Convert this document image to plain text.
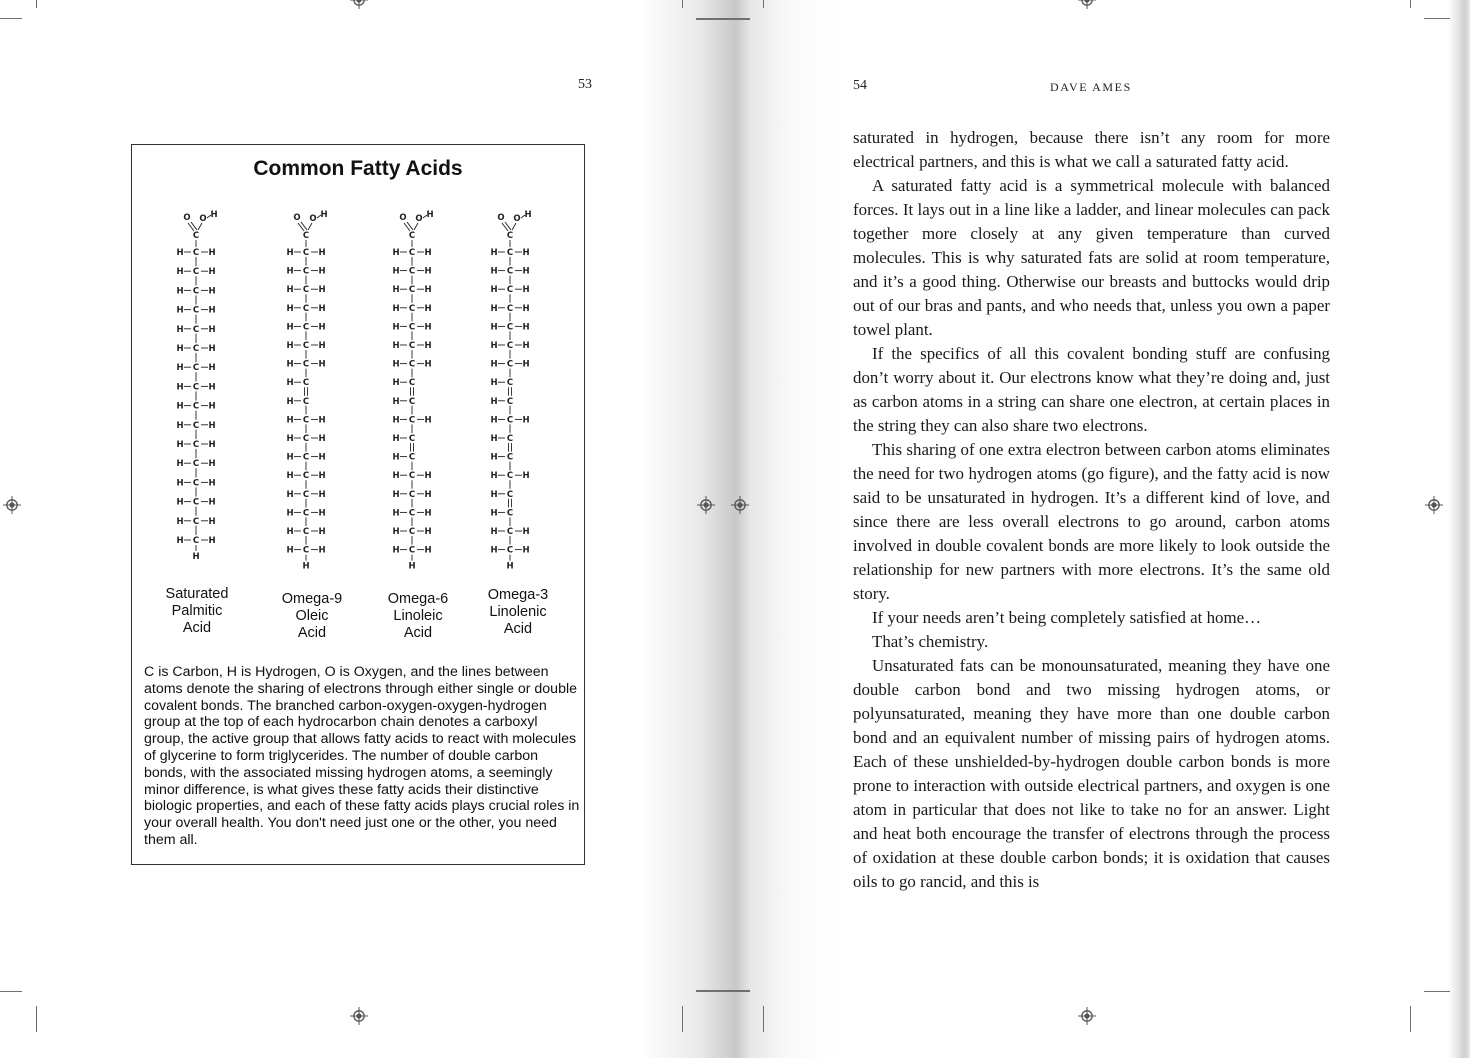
53
Common Fatty Acids
O O H
C
H C H
H C H
H C H
H C H
H C H
H C H
H C H
H C H
H C H
H C H
H C H
H C H
H C H
H C H
H C H
H C H
H
O O H
C
H C H
H C H
H C H
H C H
H C H
H C H
H C H
H C
H C
H C H
H C H
H C H
H C H
H C H
H C H
H C H
H C H
H
O O H
C
H C H
H C H
H C H
H C H
H C H
H C H
H C H
H C
H C
H C H
H C
H C
H C H
H C H
H C H
H C H
H C H
H
O O H
C
H C H
H C H
H C H
H C H
H C H
H C H
H C H
H C
H C
H C H
H C
H C
H C H
H C
H C
H C H
H C H
H
Saturated
Palmitic
Acid
Omega-9
Oleic
Acid
Omega-6
Linoleic
Acid
Omega-3
Linolenic
Acid
C is Carbon, H is Hydrogen, O is Oxygen, and the lines between atoms denote the sharing of electrons through either single or double covalent bonds. The branched carbon-oxygen-oxygen-hydrogen group at the top of each hydrocarbon chain denotes a carboxyl group, the active group that allows fatty acids to react with molecules of glycerine to form triglycerides. The number of double carbon bonds, with the associated missing hydrogen atoms, a seemingly minor difference, is what gives these fatty acids their distinctive biologic properties, and each of these fatty acids plays crucial roles in your overall health. You don't need just one or the other, you need them all.
54	DAVE AMES

saturated in hydrogen, because there isn’t any room for more electrical partners, and this is what we call a saturated fatty acid.

A saturated fatty acid is a symmetrical molecule with balanced forces. It lays out in a line like a ladder, and linear molecules can pack together more closely at any given temperature than curved molecules. This is why saturated fats are solid at room temperature, and it’s a good thing. Otherwise our breasts and buttocks would drip out of our bras and pants, and who needs that, unless you own a paper towel plant.

If the specifics of all this covalent bonding stuff are confusing don’t worry about it. Our electrons know what they’re doing and, just as carbon atoms in a string can share one electron, at certain places in the string they can also share two electrons.

This sharing of one extra electron between carbon atoms eliminates the need for two hydrogen atoms (go figure), and the fatty acid is now said to be unsaturated in hydrogen. It’s a different kind of love, and since there are less overall electrons to go around, carbon atoms involved in double covalent bonds are more likely to look outside the relationship for new partners with more electrons. It’s the same old story.

If your needs aren’t being completely satisfied at home…

That’s chemistry.

Unsaturated fats can be monounsaturated, meaning they have one double carbon bond and two missing hydrogen atoms, or polyunsaturated, meaning they have more than one double carbon bond and an equivalent number of missing pairs of hydrogen atoms. Each of these unshielded-by-hydrogen double carbon bonds is more prone to interaction with outside electrical partners, and oxygen is one atom in particular that does not like to take no for an answer. Light and heat both encourage the transfer of electrons through the process of oxidation at these double carbon bonds; it is oxidation that causes oils to go rancid, and this is
